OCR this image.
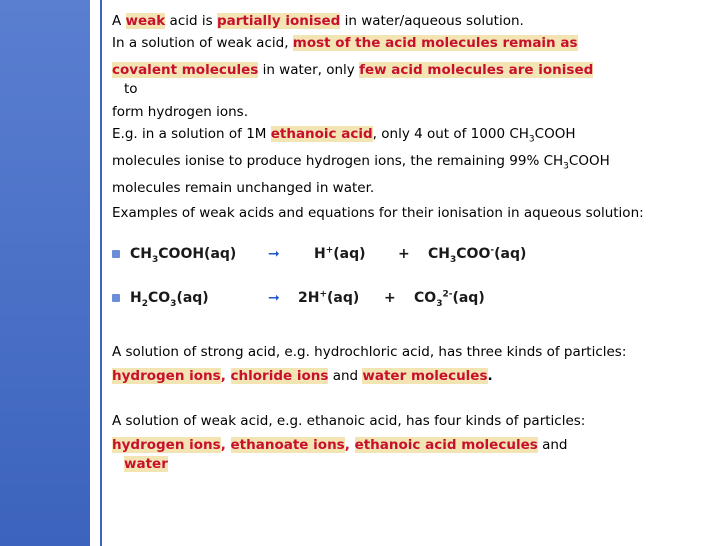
A weak acid is partially ionised in water/aqueous solution.

In a solution of weak acid, most of the acid molecules remain as

covalent molecules in water, only few acid molecules are ionised

to

form hydrogen ions.

E.g. in a solution of 1M ethanoic acid, only 4 out of 1000 $CH_3COOH$

molecules ionise to produce hydrogen ions, the remaining 99% $CH_3COOH$

molecules remain unchanged in water.

Examples of weak acids and equations for their ionisation in aqueous solution:

$CH_3COOH(aq)$	➞	H+(aq)	+	$CH_3COO^-(aq)$
$H_2CO_3(aq)$	➞	2H+(aq)	+	$CO_3^{2-}(aq)$

A solution of strong acid, e.g. hydrochloric acid, has three kinds of particles:

hydrogen ions, chloride ions and water molecules.

A solution of weak acid, e.g. ethanoic acid, has four kinds of particles:

hydrogen ions, ethanoate ions, ethanoic acid molecules and

water
